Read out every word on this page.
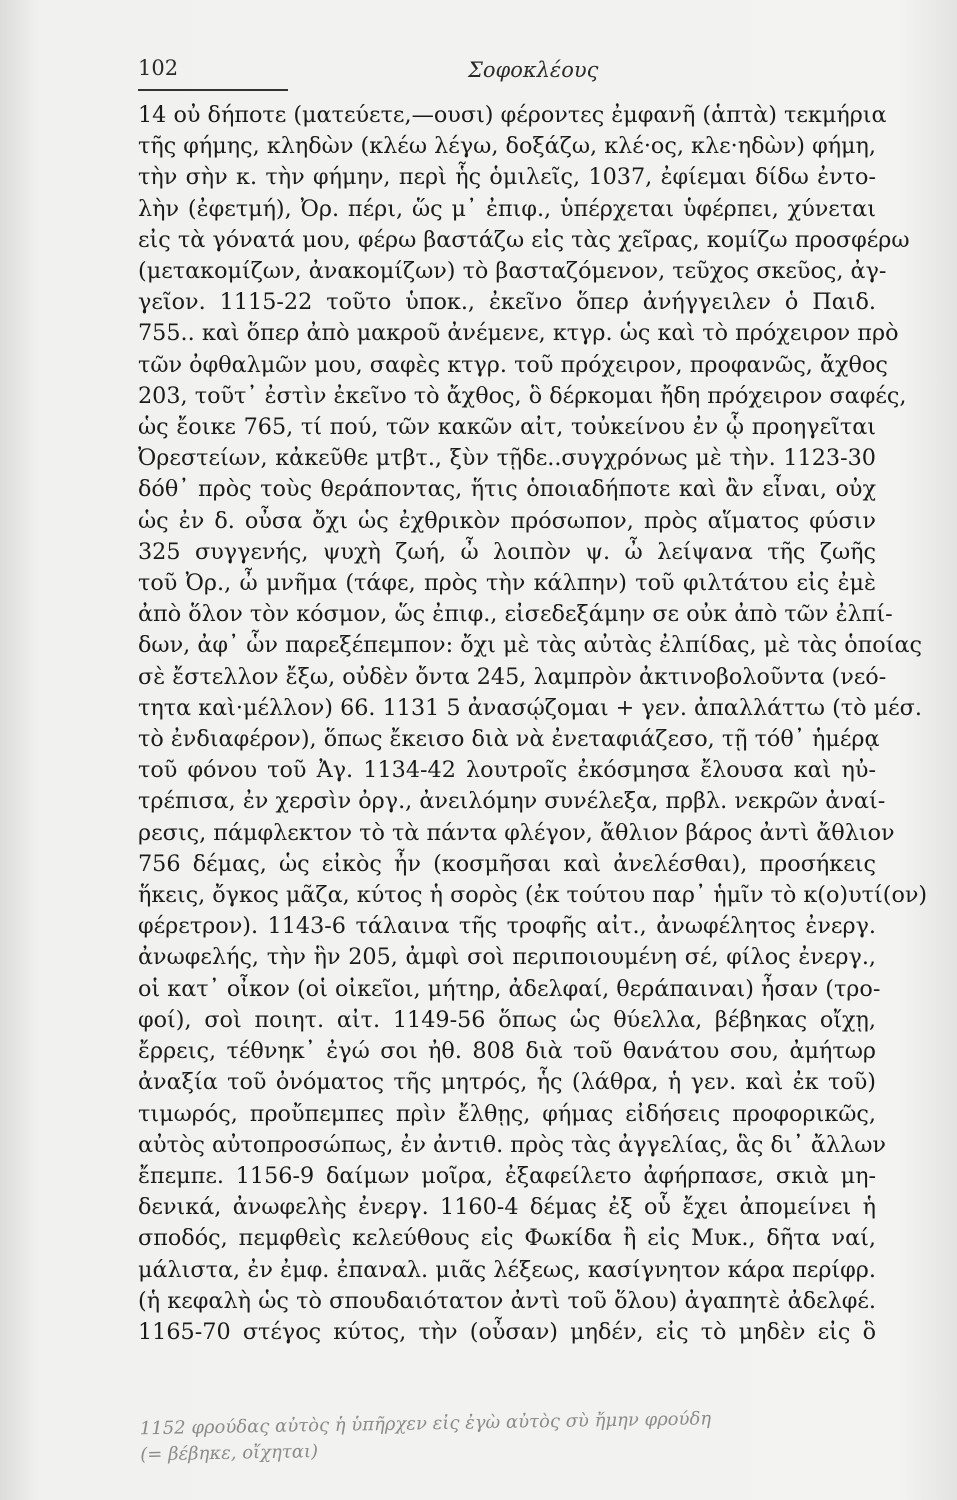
102	Σοφοκλέους
14 οὐ δήποτε (ματεύετε,—ουσι) φέροντες ἐμφανῆ (ἁπτὰ) τεκμήρια
τῆς φήμης, κληδὼν (κλέω λέγω, δοξάζω, κλέ·ος, κλε·ηδὼν) φήμη,
τὴν σὴν κ. τὴν φήμην, περὶ ἧς ὁμιλεῖς, 1037, ἐφίεμαι δίδω ἐντο-
λὴν (ἐφετμή), Ὀρ. πέρι, ὥς μ᾽ ἐπιφ., ὑπέρχεται ὑφέρπει, χύνεται
εἰς τὰ γόνατά μου, φέρω βαστάζω εἰς τὰς χεῖρας, κομίζω προσφέρω
(μετακομίζων, ἀνακομίζων) τὸ βασταζόμενον, τεῦχος σκεῦος, ἀγ-
γεῖον. 1115-22 τοῦτο ὑποκ., ἐκεῖνο ὅπερ ἀνήγγειλεν ὁ Παιδ.
755.. καὶ ὅπερ ἀπὸ μακροῦ ἀνέμενε, κτγρ. ὡς καὶ τὸ πρόχειρον πρὸ
τῶν ὀφθαλμῶν μου, σαφὲς κτγρ. τοῦ πρόχειρον, προφανῶς, ἄχθος
203, τοῦτ᾽ ἐστὶν ἐκεῖνο τὸ ἄχθος, ὃ δέρκομαι ἤδη πρόχειρον σαφές,
ὡς ἔοικε 765, τί πού, τῶν κακῶν αἰτ, τοὐκείνου ἐν ᾧ προηγεῖται
Ὀρεστείων, κἀκεῦθε μτβτ., ξὺν τῇδε..συγχρόνως μὲ τὴν. 1123-30
δόθ᾽ πρὸς τοὺς θεράποντας, ἥτις ὁποιαδήποτε καὶ ἂν εἶναι, οὐχ
ὡς ἐν δ. οὖσα ὄχι ὡς ἐχθρικὸν πρόσωπον, πρὸς αἵματος φύσιν
325 συγγενής, ψυχὴ ζωή, ὦ λοιπὸν ψ. ὦ λείψανα τῆς ζωῆς
τοῦ Ὀρ., ὦ μνῆμα (τάφε, πρὸς τὴν κάλπην) τοῦ φιλτάτου εἰς ἐμὲ
ἀπὸ ὅλον τὸν κόσμον, ὥς ἐπιφ., εἰσεδεξάμην σε οὐκ ἀπὸ τῶν ἐλπί-
δων, ἀφ᾽ ὧν παρεξέπεμπον: ὄχι μὲ τὰς αὐτὰς ἐλπίδας, μὲ τὰς ὁποίας
σὲ ἔστελλον ἔξω, οὐδὲν ὄντα 245, λαμπρὸν ἀκτινοβολοῦντα (νεό-
τητα καὶ·μέλλον) 66. 1131 5 ἀνασῴζομαι + γεν. ἀπαλλάττω (τὸ μέσ.
τὸ ἐνδιαφέρον), ὅπως ἔκεισο διὰ νὰ ἐνεταφιάζεσο, τῇ τόθ᾽ ἡμέρᾳ
τοῦ φόνου τοῦ Ἀγ. 1134-42 λουτροῖς ἐκόσμησα ἔλουσα καὶ ηὐ-
τρέπισα, ἐν χερσὶν ὀργ., ἀνειλόμην συνέλεξα, πρβλ. νεκρῶν ἀναί-
ρεσις, πάμφλεκτον τὸ τὰ πάντα φλέγον, ἄθλιον βάρος ἀντὶ ἄθλιον
756 δέμας, ὡς εἰκὸς ἦν (κοσμῆσαι καὶ ἀνελέσθαι), προσήκεις
ἥκεις, ὄγκος μᾶζα, κύτος ἡ σορὸς (ἐκ τούτου παρ᾽ ἡμῖν τὸ κ(ο)υτί(ον)
φέρετρον). 1143-6 τάλαινα τῆς τροφῆς αἰτ., ἀνωφέλητος ἐνεργ.
ἀνωφελής, τὴν ἣν 205, ἀμφὶ σοὶ περιποιουμένη σέ, φίλος ἐνεργ.,
οἱ κατ᾽ οἶκον (οἱ οἰκεῖοι, μήτηρ, ἀδελφαί, θεράπαιναι) ἦσαν (τρο-
φοί), σοὶ ποιητ. αἰτ. 1149-56 ὅπως ὡς θύελλα, βέβηκας οἴχῃ,
ἔρρεις, τέθνηκ᾽ ἐγώ σοι ἠθ. 808 διὰ τοῦ θανάτου σου, ἀμήτωρ
ἀναξία τοῦ ὀνόματος τῆς μητρός, ἧς (λάθρα, ἡ γεν. καὶ ἐκ τοῦ)
τιμωρός, προὔπεμπες πρὶν ἔλθῃς, φήμας εἰδήσεις προφορικῶς,
αὐτὸς αὐτοπροσώπως, ἐν ἀντιθ. πρὸς τὰς ἀγγελίας, ἃς δι᾽ ἄλλων
ἔπεμπε. 1156-9 δαίμων μοῖρα, ἐξαφείλετο ἀφήρπασε, σκιὰ μη-
δενικά, ἀνωφελὴς ἐνεργ. 1160-4 δέμας ἐξ οὗ ἔχει ἀπομείνει ἡ
σποδός, πεμφθεὶς κελεύθους εἰς Φωκίδα ἢ εἰς Μυκ., δῆτα ναί,
μάλιστα, ἐν ἐμφ. ἐπαναλ. μιᾶς λέξεως, κασίγνητον κάρα περίφρ.
(ἡ κεφαλὴ ὡς τὸ σπουδαιότατον ἀντὶ τοῦ ὅλου) ἀγαπητὲ ἀδελφέ.
1165-70 στέγος κύτος, τὴν (οὖσαν) μηδέν, εἰς τὸ μηδὲν εἰς ὃ
1152 φρούδας αὐτὸς ἡ ὑπῆρχεν εἰς ἐγὼ αὐτὸς σὺ ἤμην φρούδη
(= βέβηκε, οἴχηται)
